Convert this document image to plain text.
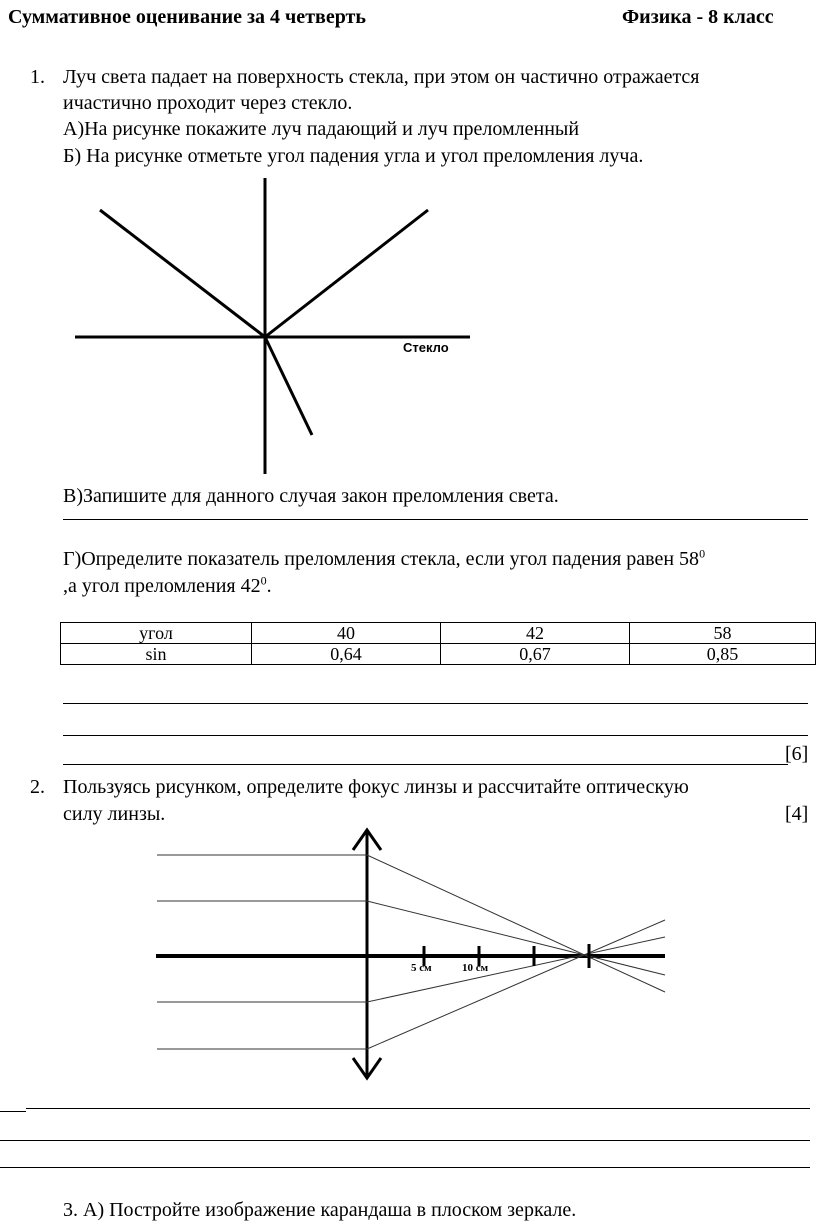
Суммативное оценивание за 4 четверть	Физика - 8 класс
1. Луч света падает на поверхность стекла, при этом он частично отражается
ичастично проходит через стекло.
А)На рисунке покажите луч падающий и луч преломленный
Б) На рисунке отметьте угол падения угла и угол преломления луча.
Стекло
В)Запишите для данного случая закон преломления света.
Г)Определите показатель преломления стекла, если угол падения равен $58^0$
,а угол преломления $42^0$.
угол	40	42	58
sin	0,64	0,67	0,85
[6]
2. Пользуясь рисунком, определите фокус линзы и рассчитайте оптическую
силу линзы.	[4]
5 см	10 см
3. А) Постройте изображение карандаша в плоском зеркале.
